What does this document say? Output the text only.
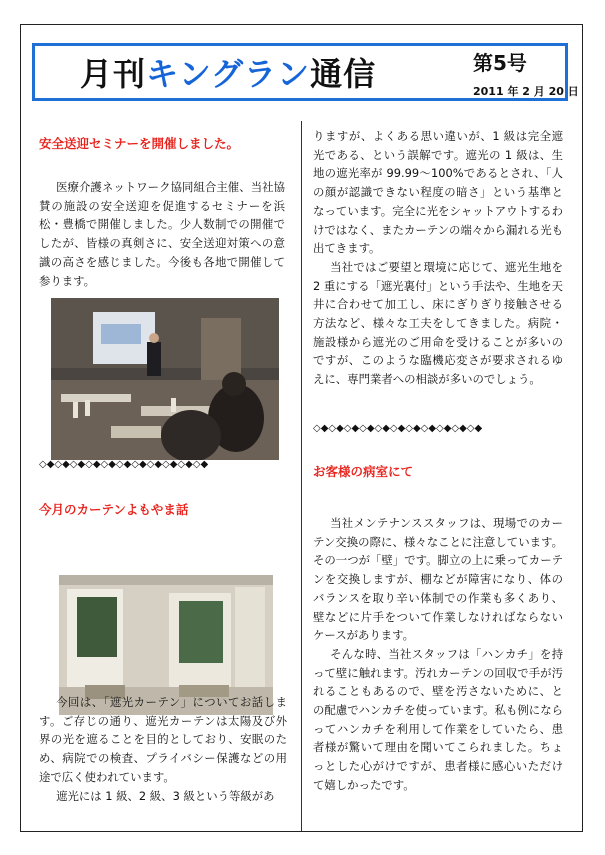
月刊キングラン通信	第5号
2011 年 2 月 20 日
安全送迎セミナーを開催しました。

医療介護ネットワーク協同組合主催、当社協賛の施設の安全送迎を促進するセミナーを浜松・豊橋で開催しました。少人数制での開催でしたが、皆様の真剣さに、安全送迎対策への意識の高さを感じました。今後も各地で開催して参ります。

◇◆◇◆◇◆◇◆◇◆◇◆◇◆◇◆◇◆◇◆◇◆
今月のカーテンよもやま話

今回は、「遮光カーテン」についてお話します。ご存じの通り、遮光カーテンは太陽及び外界の光を遮ることを目的としており、安眠のため、病院での検査、プライバシー保護などの用途で広く使われています。

遮光には 1 級、2 級、3 級という等級があ

りますが、よくある思い違いが、1 級は完全遮光である、という誤解です。遮光の 1 級は、生地の遮光率が 99.99～100%であるとされ、「人の顔が認識できない程度の暗さ」という基準となっています。完全に光をシャットアウトするわけではなく、またカーテンの端々から漏れる光も出てきます。

当社ではご要望と環境に応じて、遮光生地を 2 重にする「遮光裏付」という手法や、生地を天井に合わせて加工し、床にぎりぎり接触させる方法など、様々な工夫をしてきました。病院・施設様から遮光のご用命を受けることが多いのですが、このような臨機応変さが要求されるゆえに、専門業者への相談が多いのでしょう。

◇◆◇◆◇◆◇◆◇◆◇◆◇◆◇◆◇◆◇◆◇◆
お客様の病室にて

当社メンテナンススタッフは、現場でのカーテン交換の際に、様々なことに注意しています。その一つが「壁」です。脚立の上に乗ってカーテンを交換しますが、棚などが障害になり、体のバランスを取り辛い体制での作業も多くあり、壁などに片手をついて作業しなければならないケースがあります。

そんな時、当社スタッフは「ハンカチ」を持って壁に触れます。汚れカーテンの回収で手が汚れることもあるので、壁を汚さないために、との配慮でハンカチを使っています。私も例にならってハンカチを利用して作業をしていたら、患者様が驚いて理由を聞いてこられました。ちょっとした心がけですが、患者様に感心いただけて嬉しかったです。
